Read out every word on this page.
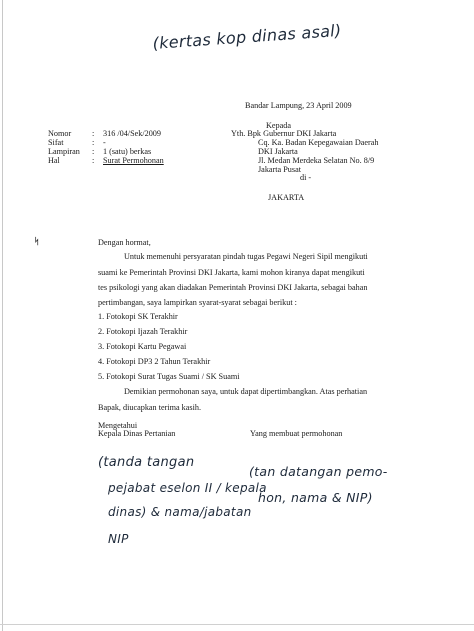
(kertas kop dinas asal)
Bandar Lampung, 23 April 2009
Kepada
Yth. Bpk Gubernur DKI Jakarta
Cq. Ka. Badan Kepegawaian Daerah
DKI Jakarta
Jl. Medan Merdeka Selatan No. 8/9
Jakarta Pusat
di -
JAKARTA
Nomor	: 316 /04/Sek/2009
Sifat	: -
Lampiran : 1 (satu) berkas
Hal	: Surat Permohonan
ᛋ	Dengan hormat,
Untuk memenuhi persyaratan pindah tugas Pegawi Negeri Sipil mengikuti
suami ke Pemerintah Provinsi DKI Jakarta, kami mohon kiranya dapat mengikuti
tes psikologi yang akan diadakan Pemerintah Provinsi DKI Jakarta, sebagai bahan
pertimbangan, saya lampirkan syarat-syarat sebagai berikut :
1. Fotokopi SK Terakhir
2. Fotokopi Ijazah Terakhir
3. Fotokopi Kartu Pegawai
4. Fotokopi DP3 2 Tahun Terakhir
5. Fotokopi Surat Tugas Suami / SK Suami
Demikian permohonan saya, untuk dapat dipertimbangkan. Atas perhatian
Bapak, diucapkan terima kasih.
Mengetahui
Kepala Dinas Pertanian	Yang membuat permohonan
(tanda tangan
pejabat eselon II / kepala
dinas) & nama/jabatan
NIP
(tan datangan pemo-
hon, nama & NIP)
